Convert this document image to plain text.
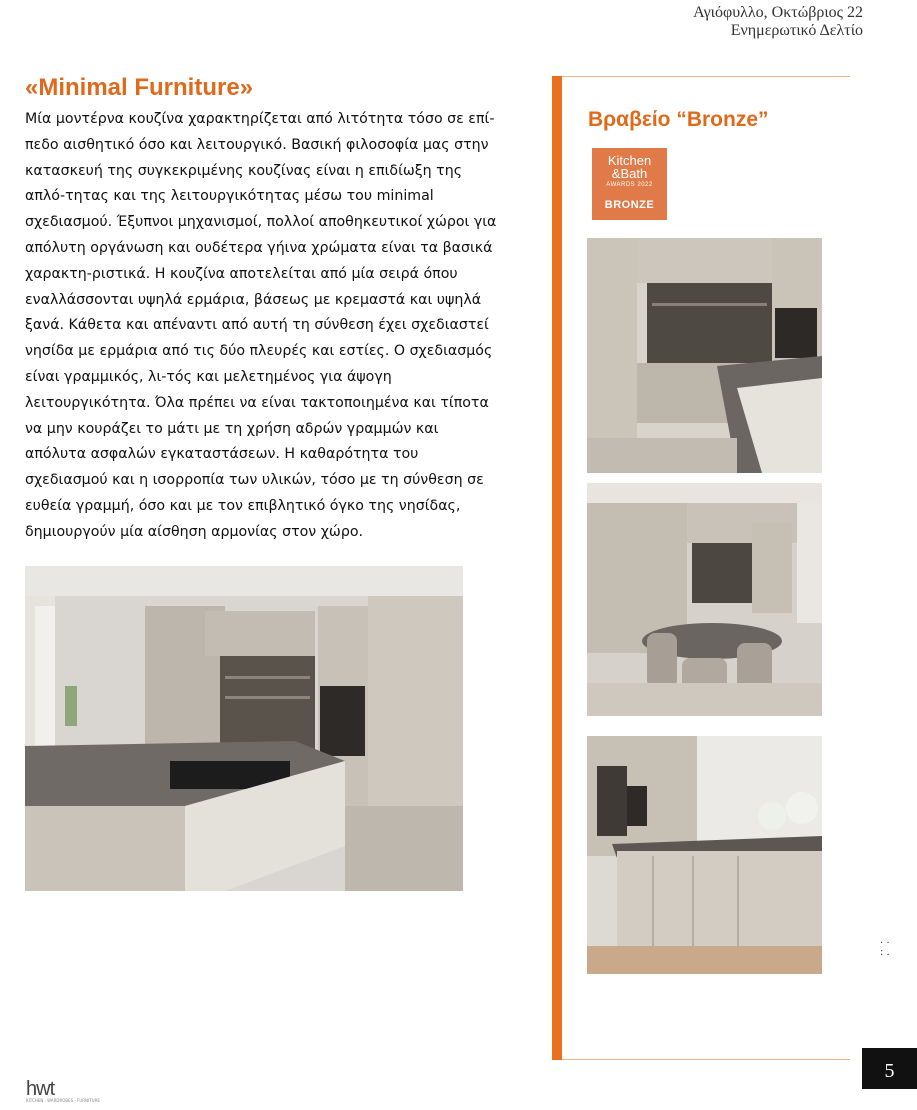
Αγιόφυλλο, Οκτώβριος 22
Ενημερωτικό Δελτίο
«Minimal Furniture»

Μία μοντέρνα κουζίνα χαρακτηρίζεται από λιτότητα τόσο σε επί-πεδο αισθητικό όσο και λειτουργικό. Βασική φιλοσοφία μας στην κατασκευή της συγκεκριμένης κουζίνας είναι η επιδίωξη της απλό-τητας και της λειτουργικότητας μέσω του minimal σχεδιασμού. Έξυπνοι μηχανισμοί, πολλοί αποθηκευτικοί χώροι για απόλυτη οργάνωση και ουδέτερα γήινα χρώματα είναι τα βασικά χαρακτη-ριστικά. Η κουζίνα αποτελείται από μία σειρά όπου εναλλάσσονται υψηλά ερμάρια, βάσεως με κρεμαστά και υψηλά ξανά. Κάθετα και απέναντι από αυτή τη σύνθεση έχει σχεδιαστεί νησίδα με ερμάρια από τις δύο πλευρές και εστίες. Ο σχεδιασμός είναι γραμμικός, λι-τός και μελετημένος για άψογη λειτουργικότητα. Όλα πρέπει να είναι τακτοποιημένα και τίποτα να μην κουράζει το μάτι με τη χρήση αδρών γραμμών και απόλυτα ασφαλών εγκαταστάσεων. Η καθαρότητα του σχεδιασμού και η ισορροπία των υλικών, τόσο με τη σύνθεση σε ευθεία γραμμή, όσο και με τον επιβλητικό όγκο της νησίδας, δημιουργούν μία αίσθηση αρμονίας στον χώρο.

Βραβείο “Bronze”
Kitchen
&Bath
AWARDS 2022
BRONZE
. . : .
5
hwt
KITCHEN · WARDROBES · FURNITURE
